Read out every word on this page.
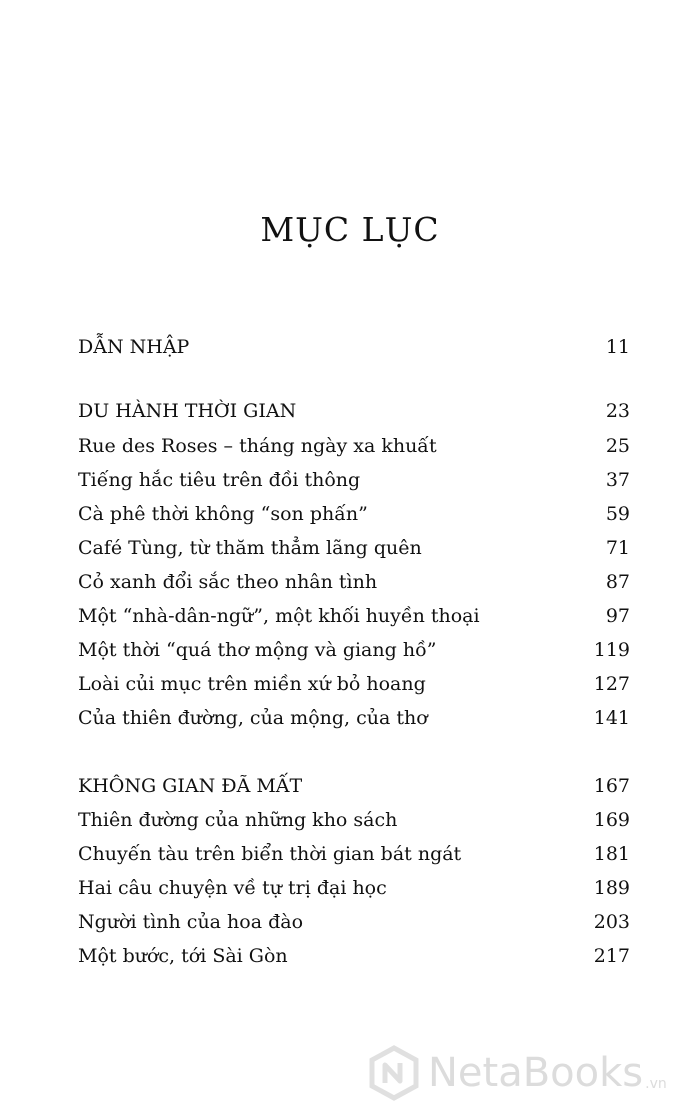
MỤC LỤC
DẪN NHẬP	11
DU HÀNH THỜI GIAN	23
Rue des Roses – tháng ngày xa khuất	25
Tiếng hắc tiêu trên đồi thông	37
Cà phê thời không “son phấn”	59
Café Tùng, từ thăm thẳm lãng quên	71
Cỏ xanh đổi sắc theo nhân tình	87
Một “nhà-dân-ngữ”, một khối huyền thoại	97
Một thời “quá thơ mộng và giang hồ”	119
Loài củi mục trên miền xứ bỏ hoang	127
Của thiên đường, của mộng, của thơ	141
KHÔNG GIAN ĐÃ MẤT	167
Thiên đường của những kho sách	169
Chuyến tàu trên biển thời gian bát ngát	181
Hai câu chuyện về tự trị đại học	189
Người tình của hoa đào	203
Một bước, tới Sài Gòn	217
NetaBooks .vn
